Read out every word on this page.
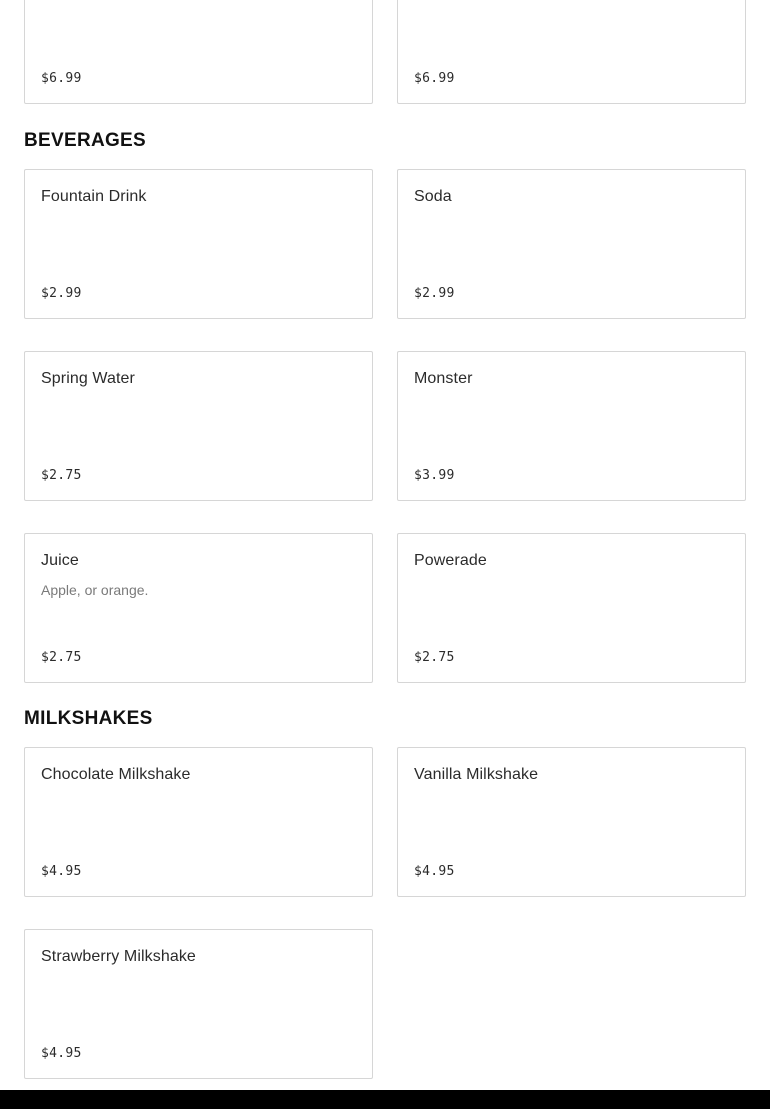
$6.99	$6.99
BEVERAGES
Fountain Drink
$2.99
Soda
$2.99
Spring Water
$2.75
Monster
$3.99
Juice
Apple, or orange.
$2.75
Powerade
$2.75
MILKSHAKES
Chocolate Milkshake
$4.95
Vanilla Milkshake
$4.95
Strawberry Milkshake
$4.95
